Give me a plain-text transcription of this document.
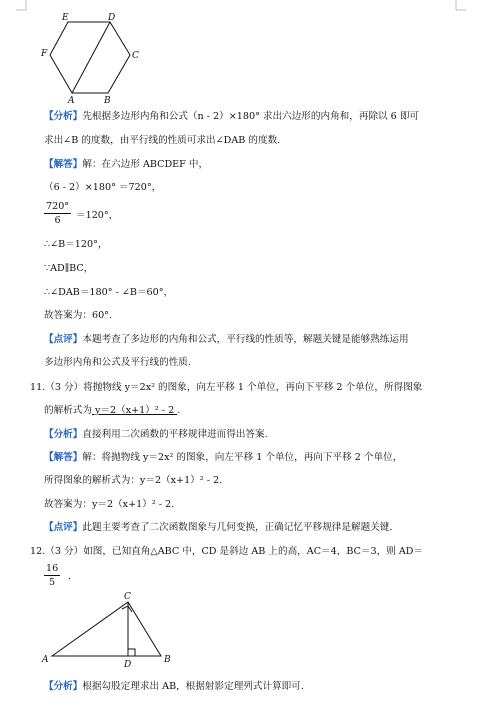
E	D
F	C
A	B
C
A	D	B
【分析】先根据多边形内角和公式（n - 2）×180° 求出六边形的内角和，再除以 6 即可
求出∠B 的度数，由平行线的性质可求出∠DAB 的度数.
【解答】解：在六边形 ABCDEF 中，
（6 - 2）×180° ＝720°，
$\frac{720^\circ}{6} =120^\circ$，
∴∠B＝120°，
∵AD∥BC，
∴∠DAB＝180° - ∠B＝60°，
故答案为：60°.
【点评】本题考查了多边形的内角和公式，平行线的性质等，解题关键是能够熟练运用
多边形内角和公式及平行线的性质.
11.（3 分）将抛物线 y＝2x² 的图象，向左平移 1 个单位，再向下平移 2 个单位，所得图象
的解析式为 y＝2（x+1）² - 2 .
【分析】直接利用二次函数的平移规律进而得出答案.
【解答】解：将抛物线 y＝2x² 的图象，向左平移 1 个单位，再向下平移 2 个单位，
所得图象的解析式为：y＝2（x+1）² - 2.
故答案为：y＝2（x+1）² - 2.
【点评】此题主要考查了二次函数图象与几何变换，正确记忆平移规律是解题关键.
12.（3 分）如图，已知直角△ABC 中，CD 是斜边 AB 上的高，AC＝4，BC＝3，则 AD＝
$\frac{16}{5}$ .
【分析】根据勾股定理求出 AB，根据射影定理列式计算即可.
